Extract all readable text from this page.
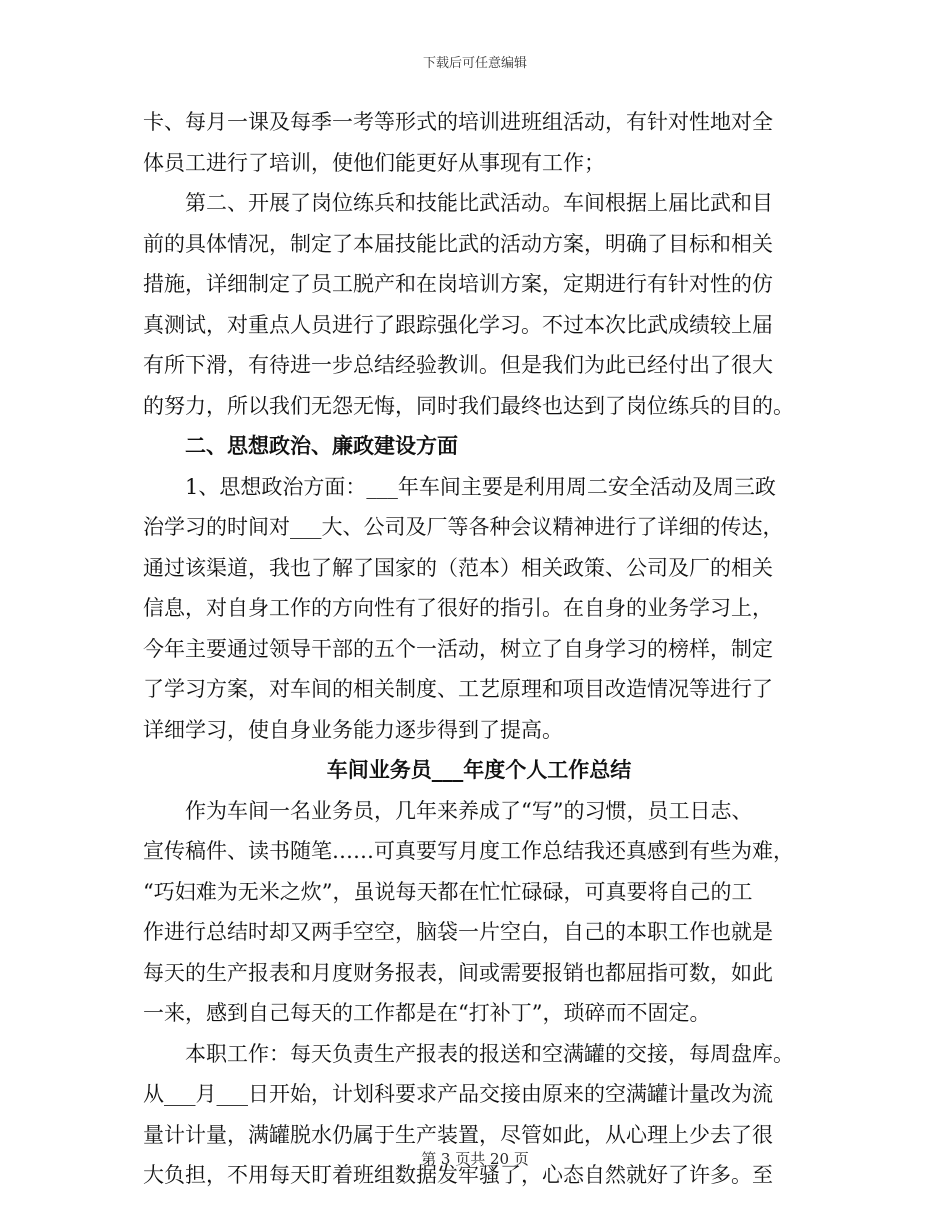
下载后可任意编辑
卡、每月一课及每季一考等形式的培训进班组活动，有针对性地对全
体员工进行了培训，使他们能更好从事现有工作；
第二、开展了岗位练兵和技能比武活动。车间根据上届比武和目
前的具体情况，制定了本届技能比武的活动方案，明确了目标和相关
措施，详细制定了员工脱产和在岗培训方案，定期进行有针对性的仿
真测试，对重点人员进行了跟踪强化学习。不过本次比武成绩较上届
有所下滑，有待进一步总结经验教训。但是我们为此已经付出了很大
的努力，所以我们无怨无悔，同时我们最终也达到了岗位练兵的目的。
二、思想政治、廉政建设方面
1、思想政治方面：___年车间主要是利用周二安全活动及周三政
治学习的时间对___大、公司及厂等各种会议精神进行了详细的传达，
通过该渠道，我也了解了国家的（范本）相关政策、公司及厂的相关
信息，对自身工作的方向性有了很好的指引。在自身的业务学习上，
今年主要通过领导干部的五个一活动，树立了自身学习的榜样，制定
了学习方案，对车间的相关制度、工艺原理和项目改造情况等进行了
详细学习，使自身业务能力逐步得到了提高。
车间业务员___年度个人工作总结
作为车间一名业务员，几年来养成了“写”的习惯，员工日志、
宣传稿件、读书随笔……可真要写月度工作总结我还真感到有些为难，
“巧妇难为无米之炊”，虽说每天都在忙忙碌碌，可真要将自己的工
作进行总结时却又两手空空，脑袋一片空白，自己的本职工作也就是
每天的生产报表和月度财务报表，间或需要报销也都屈指可数，如此
一来，感到自己每天的工作都是在“打补丁”，琐碎而不固定。
本职工作：每天负责生产报表的报送和空满罐的交接，每周盘库。
从___月___日开始，计划科要求产品交接由原来的空满罐计量改为流
量计计量，满罐脱水仍属于生产装置，尽管如此，从心理上少去了很
大负担，不用每天盯着班组数据发牢骚了，心态自然就好了许多。至
第 3 页共 20 页
